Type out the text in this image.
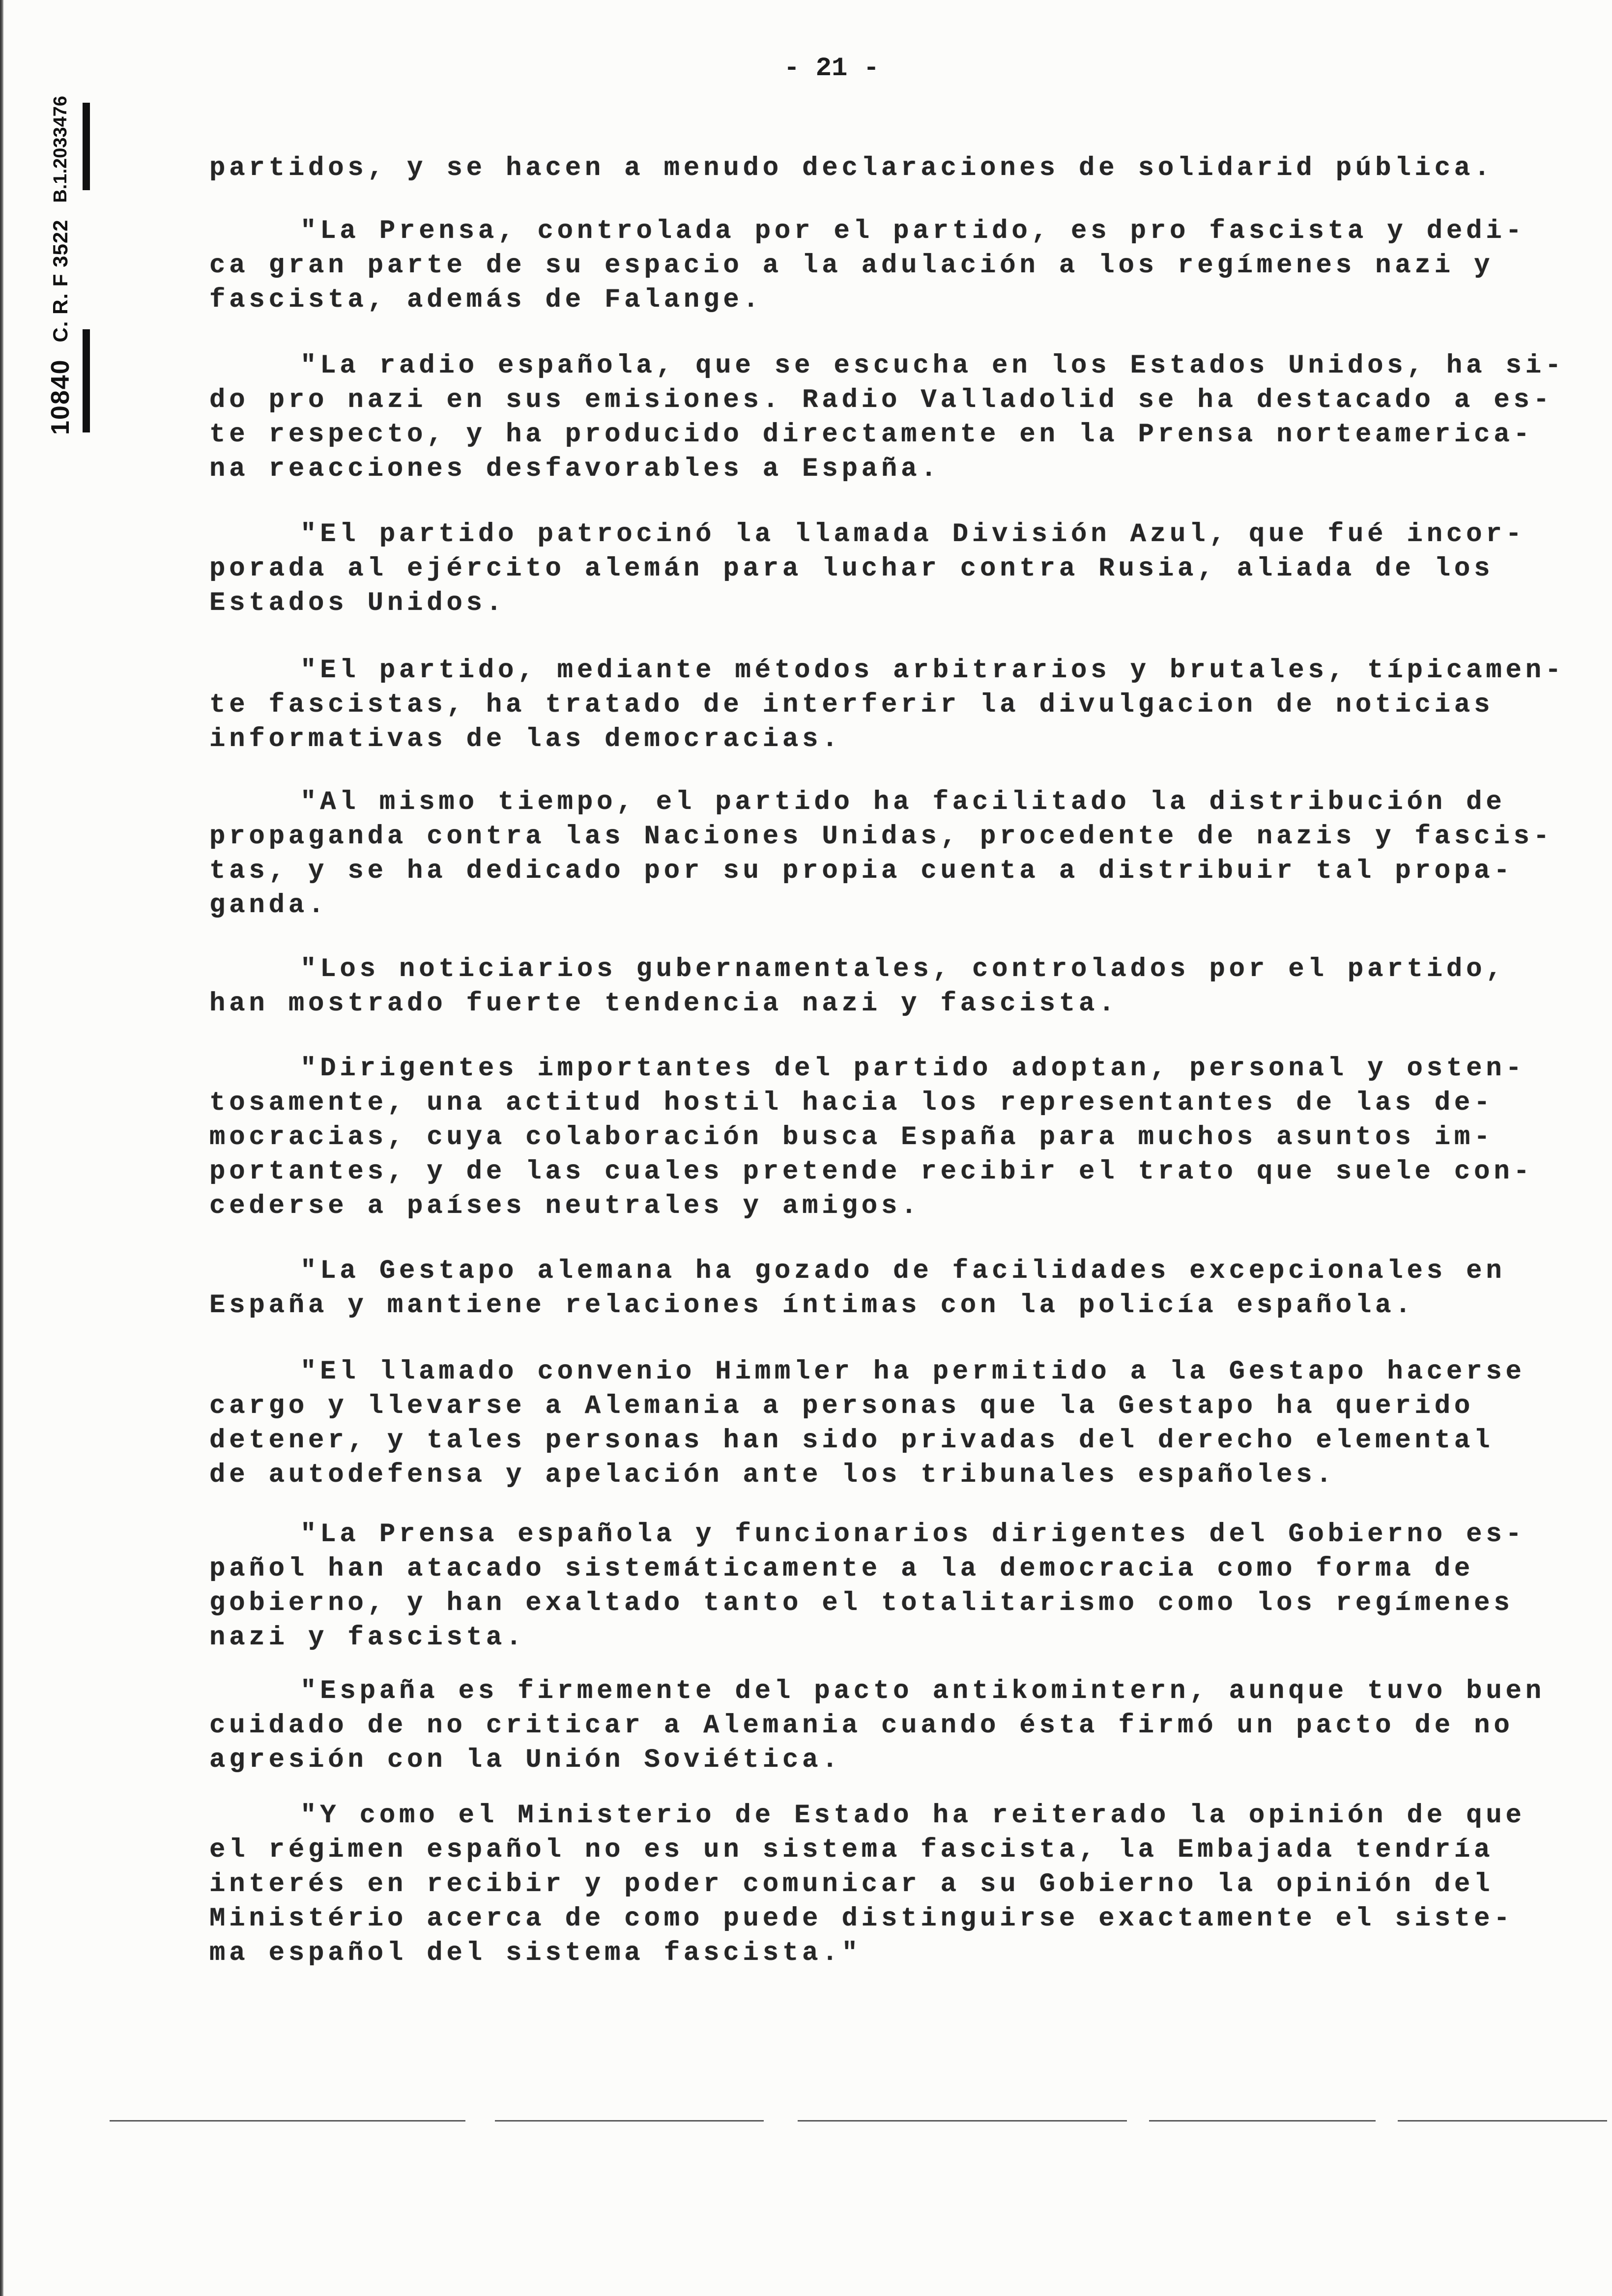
- 21 -
10840
C. R. F 3522
B.1.2033476	partidos, y se hacen a menudo declaraciones de solidarid pública.
"La Prensa, controlada por el partido, es pro fascista y dedi-
ca gran parte de su espacio a la adulación a los regímenes nazi y
fascista, además de Falange.
"La radio española, que se escucha en los Estados Unidos, ha si-
do pro nazi en sus emisiones. Radio Valladolid se ha destacado a es-
te respecto, y ha producido directamente en la Prensa norteamerica-
na reacciones desfavorables a España.
"El partido patrocinó la llamada División Azul, que fué incor-
porada al ejército alemán para luchar contra Rusia, aliada de los
Estados Unidos.
"El partido, mediante métodos arbitrarios y brutales, típicamen-
te fascistas, ha tratado de interferir la divulgacion de noticias
informativas de las democracias.
"Al mismo tiempo, el partido ha facilitado la distribución de
propaganda contra las Naciones Unidas, procedente de nazis y fascis-
tas, y se ha dedicado por su propia cuenta a distribuir tal propa-
ganda.
"Los noticiarios gubernamentales, controlados por el partido,
han mostrado fuerte tendencia nazi y fascista.
"Dirigentes importantes del partido adoptan, personal y osten-
tosamente, una actitud hostil hacia los representantes de las de-
mocracias, cuya colaboración busca España para muchos asuntos im-
portantes, y de las cuales pretende recibir el trato que suele con-
cederse a países neutrales y amigos.
"La Gestapo alemana ha gozado de facilidades excepcionales en
España y mantiene relaciones íntimas con la policía española.
"El llamado convenio Himmler ha permitido a la Gestapo hacerse
cargo y llevarse a Alemania a personas que la Gestapo ha querido
detener, y tales personas han sido privadas del derecho elemental
de autodefensa y apelación ante los tribunales españoles.
"La Prensa española y funcionarios dirigentes del Gobierno es-
pañol han atacado sistemáticamente a la democracia como forma de
gobierno, y han exaltado tanto el totalitarismo como los regímenes
nazi y fascista.
"España es firmemente del pacto antikomintern, aunque tuvo buen
cuidado de no criticar a Alemania cuando ésta firmó un pacto de no
agresión con la Unión Soviética.
"Y como el Ministerio de Estado ha reiterado la opinión de que
el régimen español no es un sistema fascista, la Embajada tendría
interés en recibir y poder comunicar a su Gobierno la opinión del
Ministério acerca de como puede distinguirse exactamente el siste-
ma español del sistema fascista."
